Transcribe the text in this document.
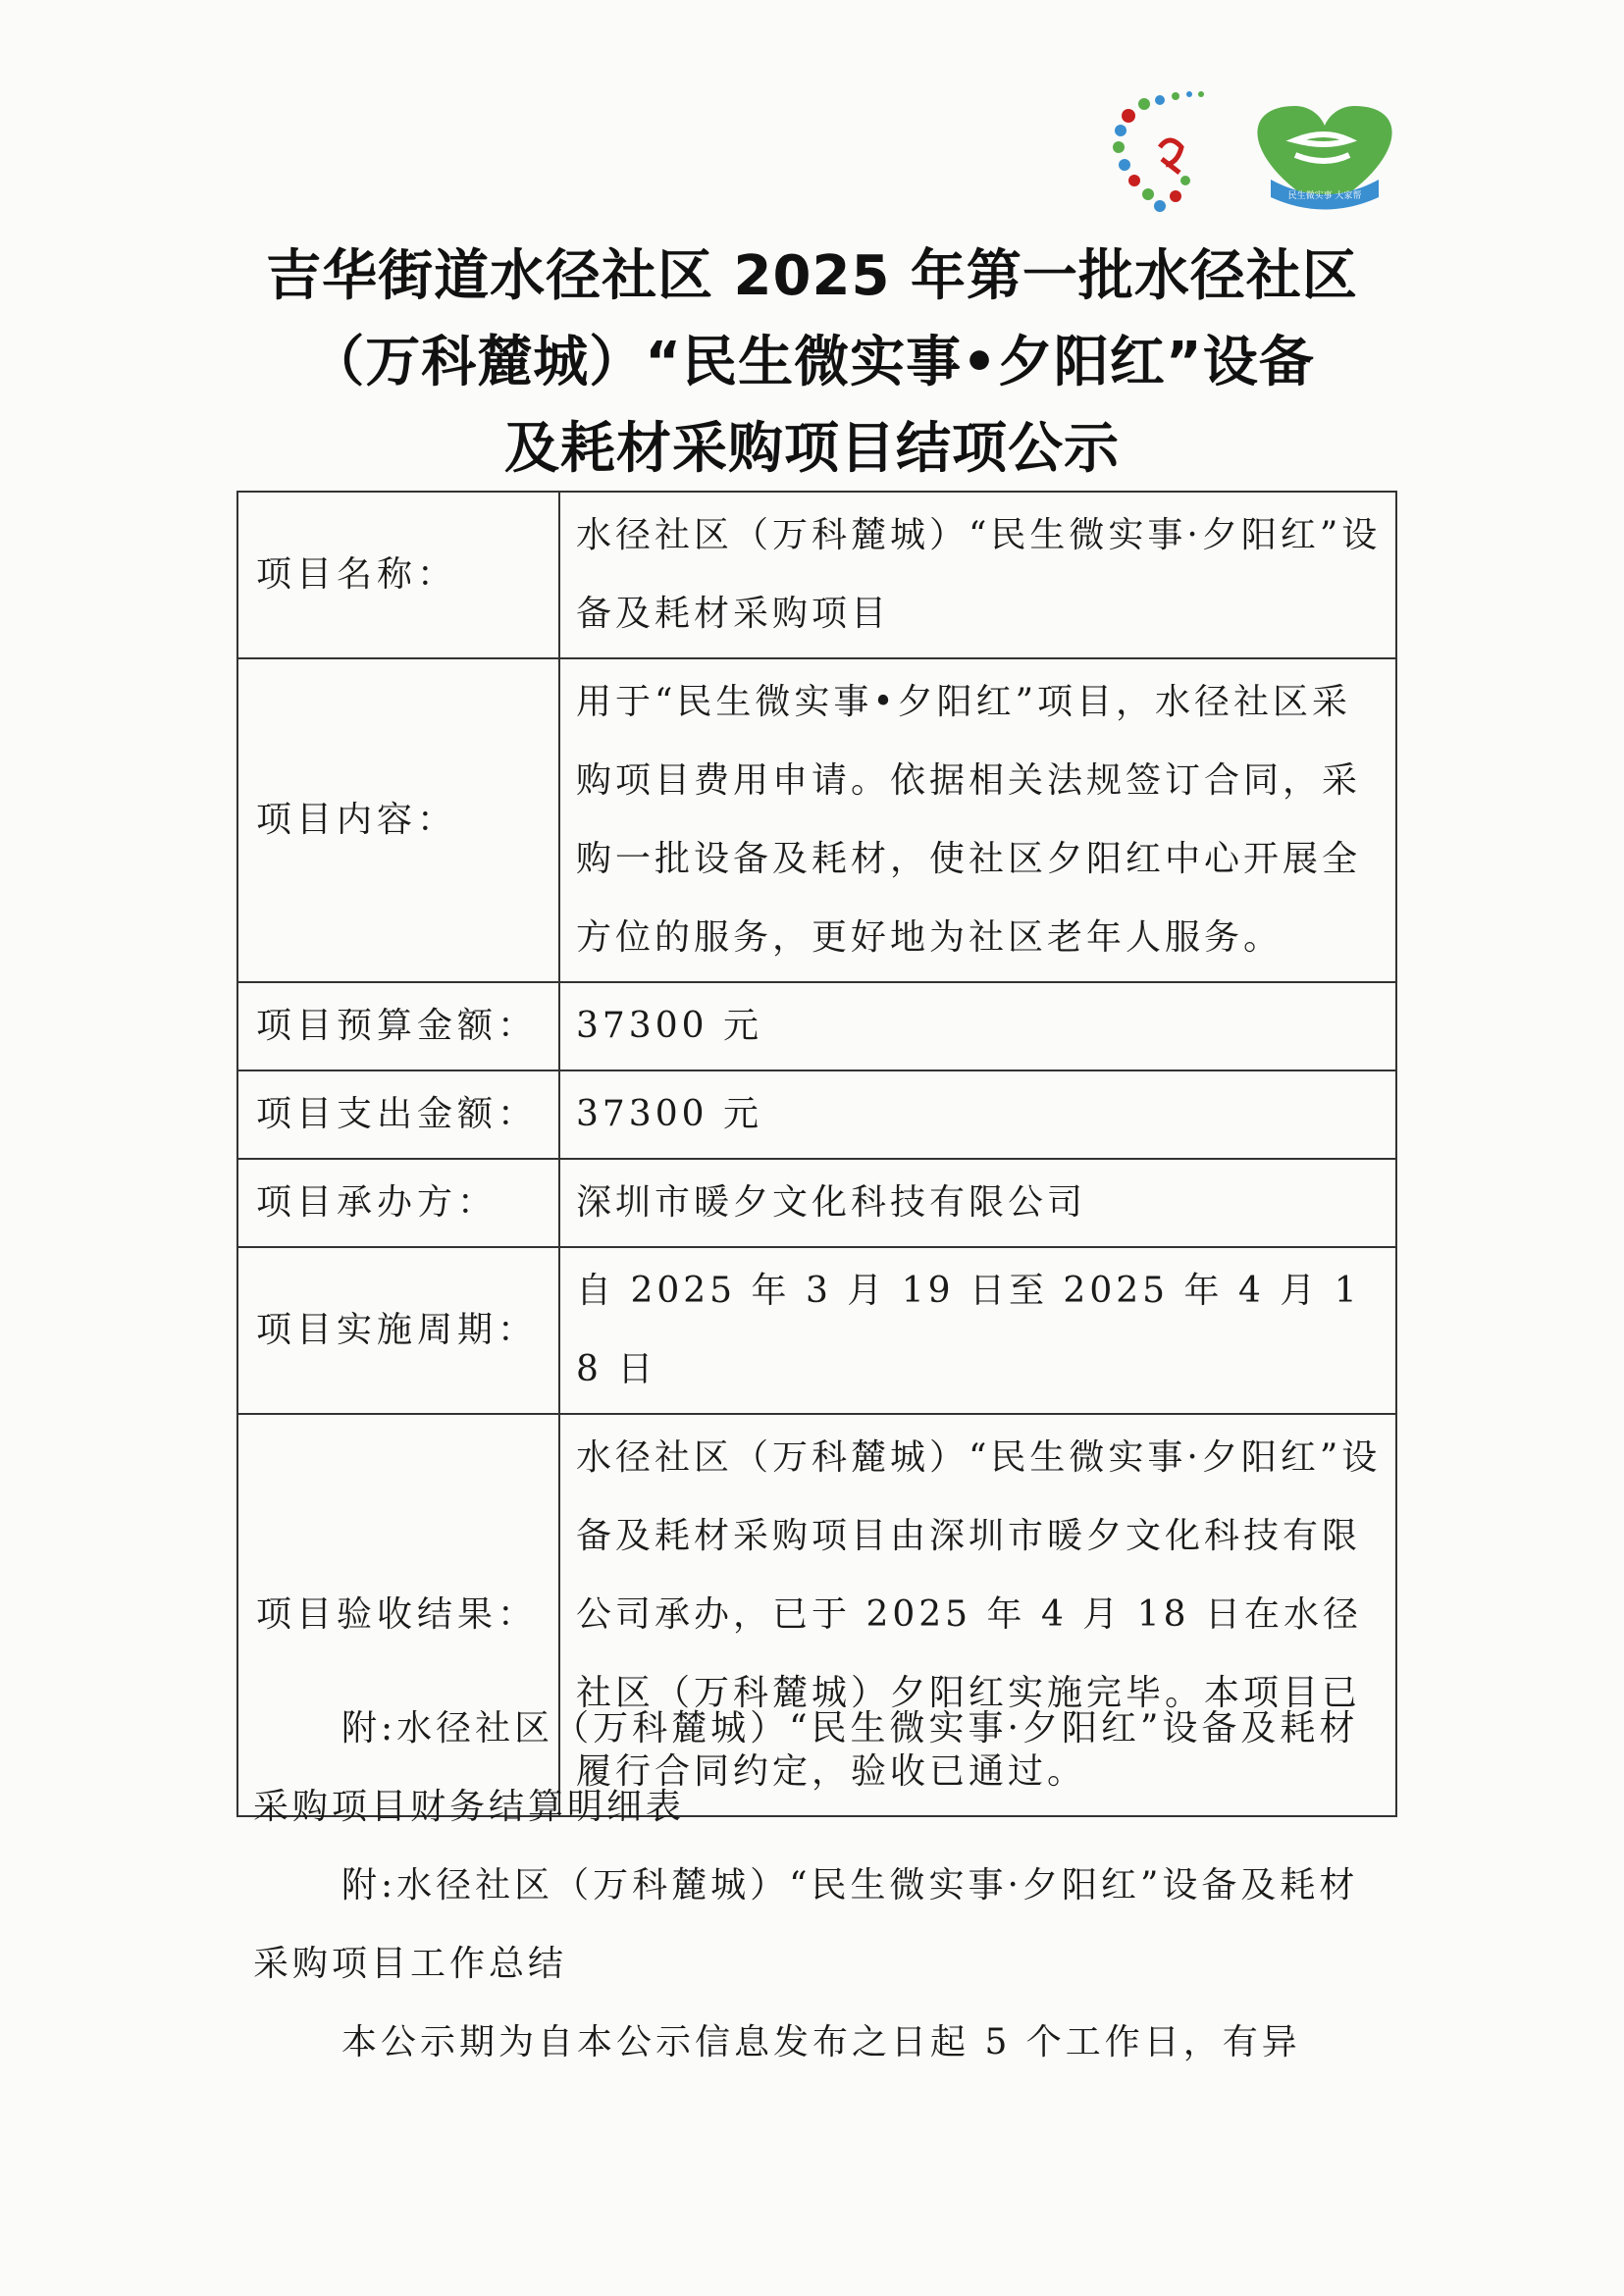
民生微实事 大家帮
吉华街道水径社区 2025 年第一批水径社区
（万科麓城）“民生微实事•夕阳红”设备
及耗材采购项目结项公示
项目名称：	水径社区（万科麓城）“民生微实事·夕阳红”设备及耗材采购项目
项目内容：	用于“民生微实事•夕阳红”项目，水径社区采购项目费用申请。依据相关法规签订合同，采购一批设备及耗材，使社区夕阳红中心开展全方位的服务，更好地为社区老年人服务。
项目预算金额：	37300 元
项目支出金额：	37300 元
项目承办方：	深圳市暖夕文化科技有限公司
项目实施周期：	自 2025 年 3 月 19 日至 2025 年 4 月 18 日
项目验收结果：	水径社区（万科麓城）“民生微实事·夕阳红”设备及耗材采购项目由深圳市暖夕文化科技有限公司承办，已于 2025 年 4 月 18 日在水径社区（万科麓城）夕阳红实施完毕。本项目已履行合同约定，验收已通过。

附:水径社区（万科麓城）“民生微实事·夕阳红”设备及耗材采购项目财务结算明细表

附:水径社区（万科麓城）“民生微实事·夕阳红”设备及耗材采购项目工作总结

本公示期为自本公示信息发布之日起 5 个工作日，有异
